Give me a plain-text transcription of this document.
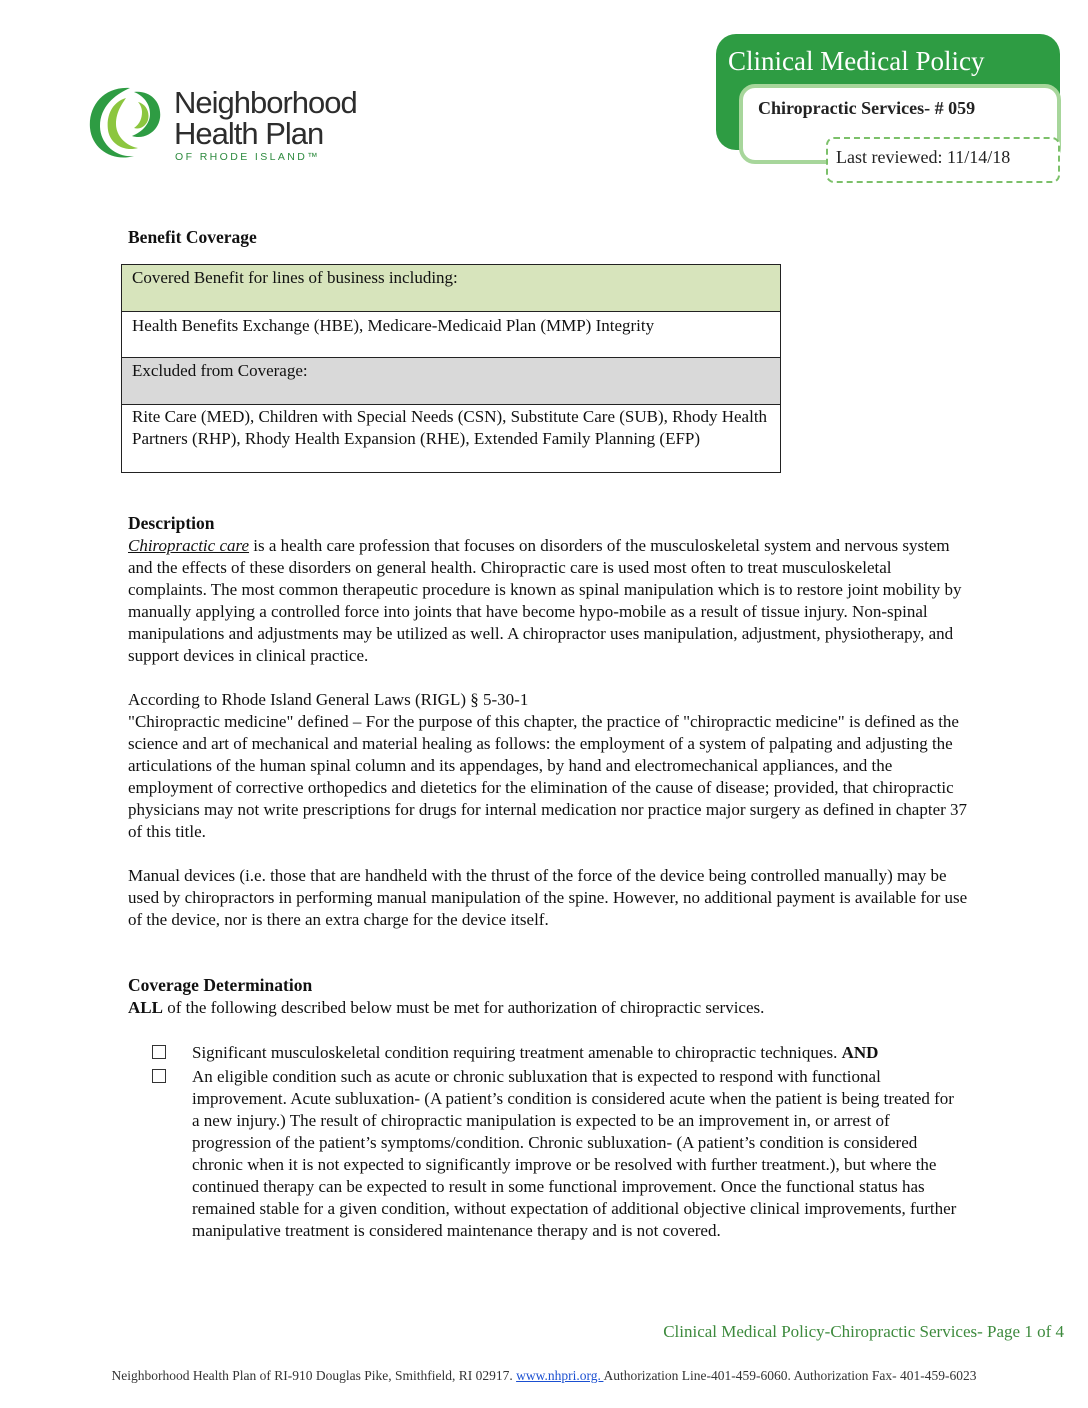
Neighborhood
Health Plan
OF RHODE ISLAND™
Clinical Medical Policy
Chiropractic Services- # 059
Last reviewed: 11/14/18
Benefit Coverage
Covered Benefit for lines of business including:
Health Benefits Exchange (HBE), Medicare-Medicaid Plan (MMP) Integrity
Excluded from Coverage:
Rite Care (MED), Children with Special Needs (CSN), Substitute Care (SUB), Rhody Health Partners (RHP), Rhody Health Expansion (RHE), Extended Family Planning (EFP)
Description

Chiropractic care is a health care profession that focuses on disorders of the musculoskeletal system and nervous system and the effects of these disorders on general health. Chiropractic care is used most often to treat musculoskeletal complaints. The most common therapeutic procedure is known as spinal manipulation which is to restore joint mobility by manually applying a controlled force into joints that have become hypo-mobile as a result of tissue injury. Non-spinal manipulations and adjustments may be utilized as well. A chiropractor uses manipulation, adjustment, physiotherapy, and support devices in clinical practice.

According to Rhode Island General Laws (RIGL) § 5-30-1

"Chiropractic medicine" defined – For the purpose of this chapter, the practice of "chiropractic medicine" is defined as the science and art of mechanical and material healing as follows: the employment of a system of palpating and adjusting the articulations of the human spinal column and its appendages, by hand and electromechanical appliances, and the employment of corrective orthopedics and dietetics for the elimination of the cause of disease; provided, that chiropractic physicians may not write prescriptions for drugs for internal medication nor practice major surgery as defined in chapter 37 of this title.

Manual devices (i.e. those that are handheld with the thrust of the force of the device being controlled manually) may be used by chiropractors in performing manual manipulation of the spine. However, no additional payment is available for use of the device, nor is there an extra charge for the device itself.
Coverage Determination

ALL of the following described below must be met for authorization of chiropractic services.

Significant musculoskeletal condition requiring treatment amenable to chiropractic techniques. AND
An eligible condition such as acute or chronic subluxation that is expected to respond with functional improvement. Acute subluxation- (A patient’s condition is considered acute when the patient is being treated for a new injury.) The result of chiropractic manipulation is expected to be an improvement in, or arrest of progression of the patient’s symptoms/condition. Chronic subluxation- (A patient’s condition is considered chronic when it is not expected to significantly improve or be resolved with further treatment.), but where the continued therapy can be expected to result in some functional improvement. Once the functional status has remained stable for a given condition, without expectation of additional objective clinical improvements, further manipulative treatment is considered maintenance therapy and is not covered.
Clinical Medical Policy-Chiropractic Services- Page 1 of 4
Neighborhood Health Plan of RI-910 Douglas Pike, Smithfield, RI 02917. www.nhpri.org. Authorization Line-401-459-6060. Authorization Fax- 401-459-6023
